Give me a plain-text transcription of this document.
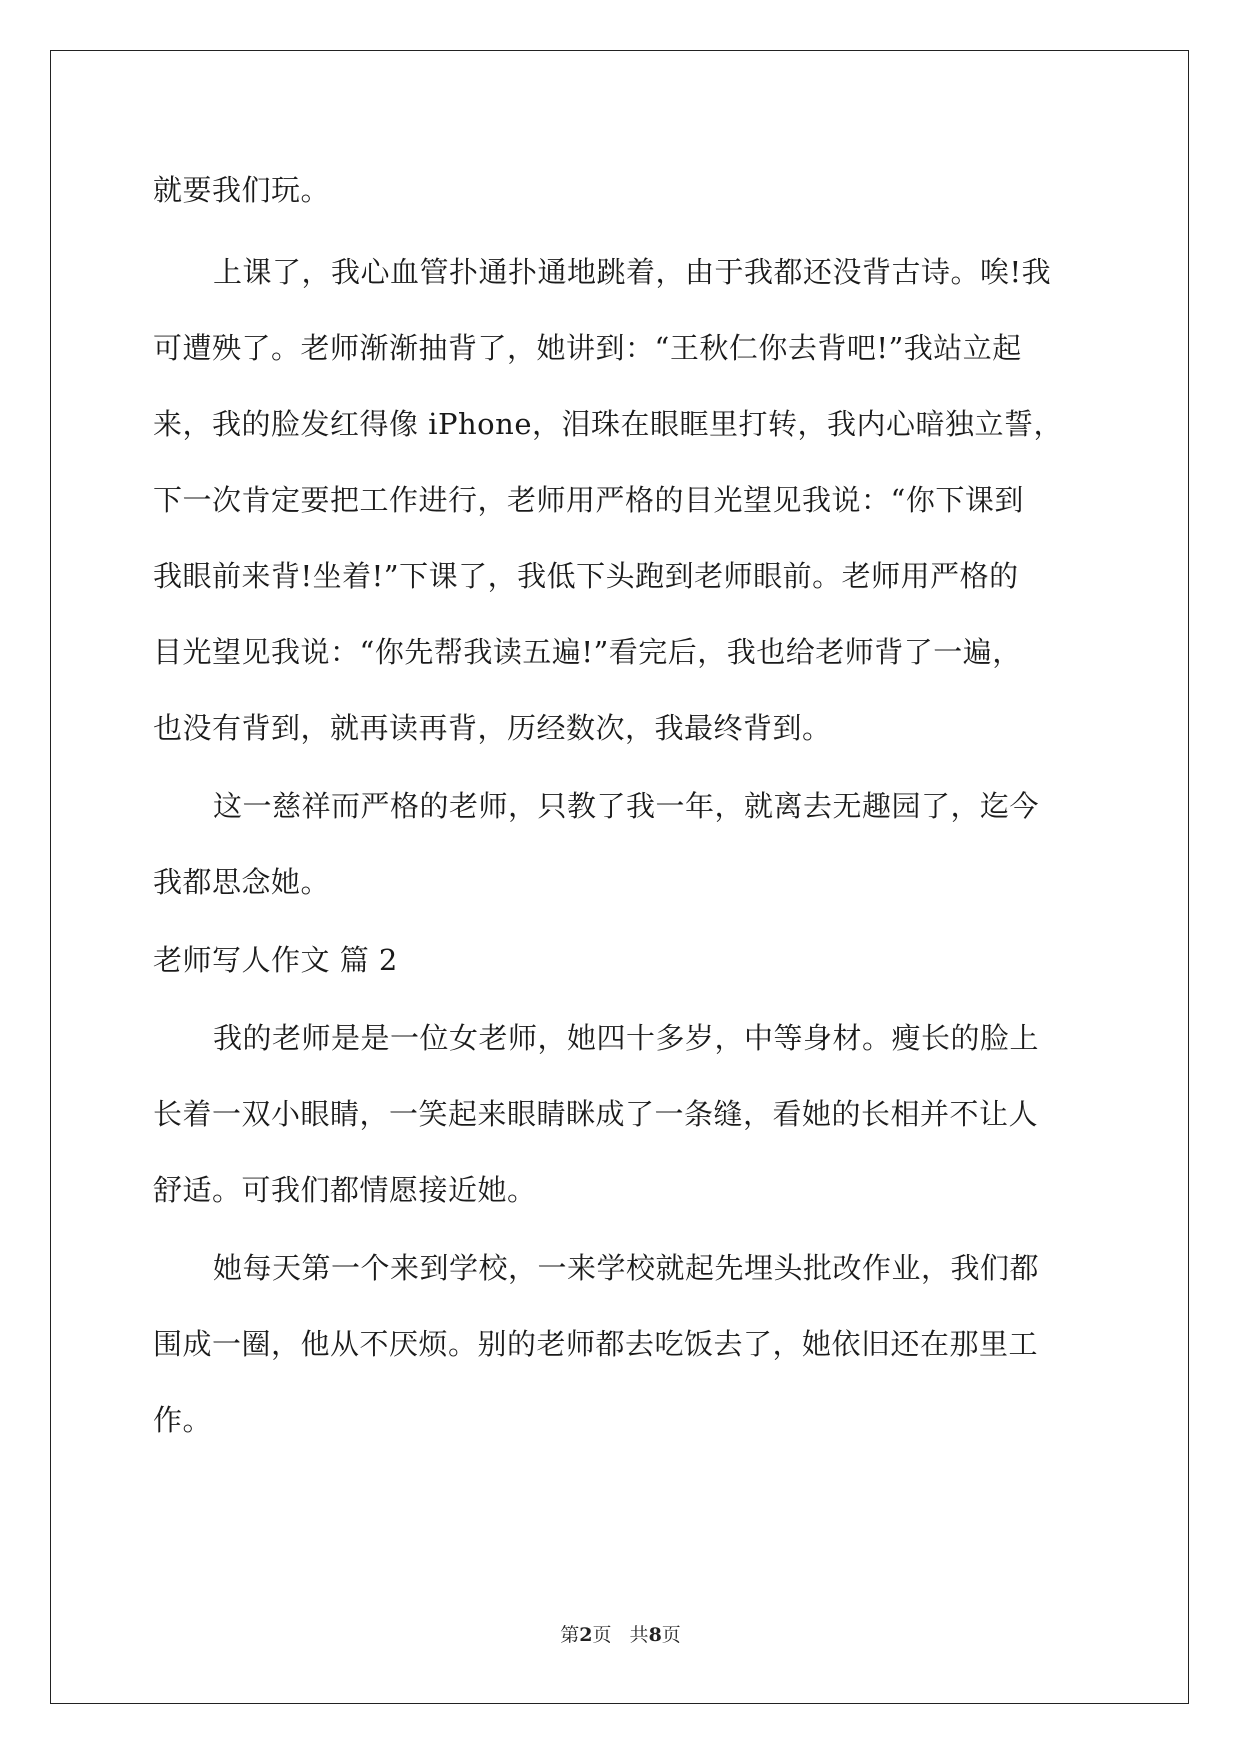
就要我们玩。
上课了，我心血管扑通扑通地跳着，由于我都还没背古诗。唉!我
可遭殃了。老师渐渐抽背了，她讲到：“王秋仁你去背吧!”我站立起
来，我的脸发红得像 iPhone，泪珠在眼眶里打转，我内心暗独立誓，
下一次肯定要把工作进行，老师用严格的目光望见我说：“你下课到
我眼前来背!坐着!”下课了，我低下头跑到老师眼前。老师用严格的
目光望见我说：“你先帮我读五遍!”看完后，我也给老师背了一遍，
也没有背到，就再读再背，历经数次，我最终背到。
这一慈祥而严格的老师，只教了我一年，就离去无趣园了，迄今
我都思念她。
老师写人作文 篇 2
我的老师是是一位女老师，她四十多岁，中等身材。瘦长的脸上
长着一双小眼睛，一笑起来眼睛眯成了一条缝，看她的长相并不让人
舒适。可我们都情愿接近她。
她每天第一个来到学校，一来学校就起先埋头批改作业，我们都
围成一圈，他从不厌烦。别的老师都去吃饭去了，她依旧还在那里工
作。
第2页   共8页
